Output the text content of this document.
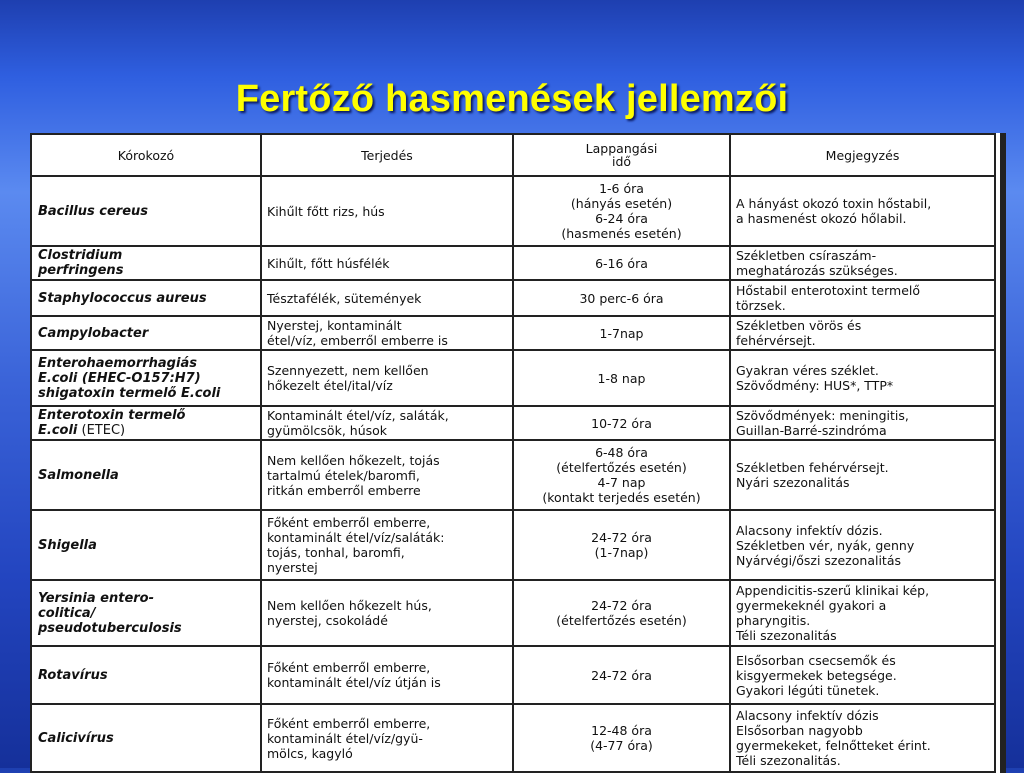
Fertőző hasmenések jellemzői
Kórokozó	Terjedés	Lappangási
idő	Megjegyzés

Bacillus cereus	Kihűlt főtt rizs, hús	1-6 óra
(hányás esetén)
6-24 óra
(hasmenés esetén)	A hányást okozó toxin hőstabil,
a hasmenést okozó hőlabil.

Clostridium
perfringens	Kihűlt, főtt húsfélék	6-16 óra	Székletben csíraszám-
meghatározás szükséges.

Staphylococcus aureus	Tésztafélék, sütemények	30 perc-6 óra	Hőstabil enterotoxint termelő
törzsek.

Campylobacter	Nyerstej, kontaminált
étel/víz, emberről emberre is	1-7nap	Székletben vörös és
fehérvérsejt.

Enterohaemorrhagiás
E.coli (EHEC-O157:H7)
shigatoxin termelő E.coli	Szennyezett, nem kellően
hőkezelt étel/ital/víz	1-8 nap	Gyakran véres széklet.
Szövődmény: HUS*, TTP*

Enterotoxin termelő
E.coli (ETEC)	Kontaminált étel/víz, saláták,
gyümölcsök, húsok	10-72 óra	Szövődmények: meningitis,
Guillan-Barré-szindróma

Salmonella	Nem kellően hőkezelt, tojás
tartalmú ételek/baromfi,
ritkán emberről emberre	6-48 óra
(ételfertőzés esetén)
4-7 nap
(kontakt terjedés esetén)	Székletben fehérvérsejt.
Nyári szezonalitás

Shigella	Főként emberről emberre,
kontaminált étel/víz/saláták:
tojás, tonhal, baromfi,
nyerstej	24-72 óra
(1-7nap)	Alacsony infektív dózis.
Székletben vér, nyák, genny
Nyárvégi/őszi szezonalitás

Yersinia entero-
colitica/
pseudotuberculosis	Nem kellően hőkezelt hús,
nyerstej, csokoládé	24-72 óra
(ételfertőzés esetén)	Appendicitis-szerű klinikai kép,
gyermekeknél gyakori a
pharyngitis.
Téli szezonalitás

Rotavírus	Főként emberről emberre,
kontaminált étel/víz útján is	24-72 óra	Elsősorban csecsemők és
kisgyermekek betegsége.
Gyakori légúti tünetek.

Calicivírus	Főként emberről emberre,
kontaminált étel/víz/gyü-
mölcs, kagyló	12-48 óra
(4-77 óra)	Alacsony infektív dózis
Elsősorban nagyobb
gyermekeket, felnőtteket érint.
Téli szezonalitás.
